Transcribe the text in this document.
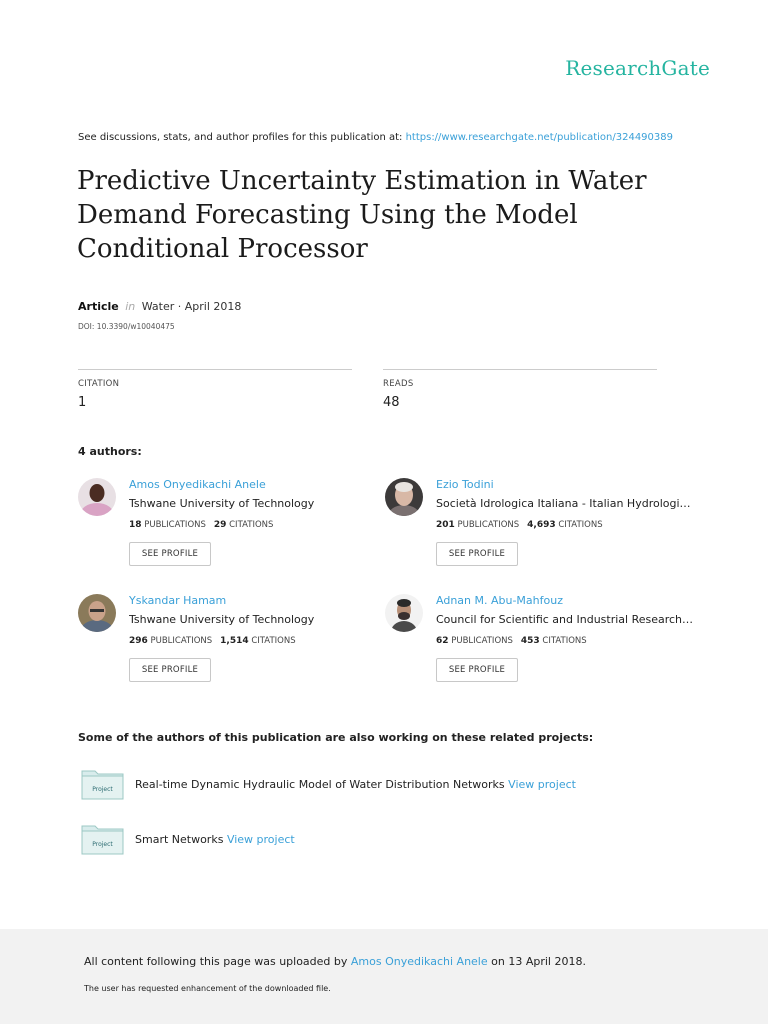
ResearchGate
See discussions, stats, and author profiles for this publication at: https://www.researchgate.net/publication/324490389
Predictive Uncertainty Estimation in Water Demand Forecasting Using the Model Conditional Processor
Article in Water · April 2018
DOI: 10.3390/w10040475
CITATION
1
READS
48
4 authors:
Amos Onyedikachi Anele
Tshwane University of Technology
18 PUBLICATIONS 29 CITATIONS
SEE PROFILE
Ezio Todini
Società Idrologica Italiana - Italian Hydrologi…
201 PUBLICATIONS 4,693 CITATIONS
SEE PROFILE
Yskandar Hamam
Tshwane University of Technology
296 PUBLICATIONS 1,514 CITATIONS
SEE PROFILE
Adnan M. Abu-Mahfouz
Council for Scientific and Industrial Research…
62 PUBLICATIONS 453 CITATIONS
SEE PROFILE
Some of the authors of this publication are also working on these related projects:
Project Real-time Dynamic Hydraulic Model of Water Distribution Networks View project
Project Smart Networks View project
All content following this page was uploaded by Amos Onyedikachi Anele on 13 April 2018.
The user has requested enhancement of the downloaded file.
